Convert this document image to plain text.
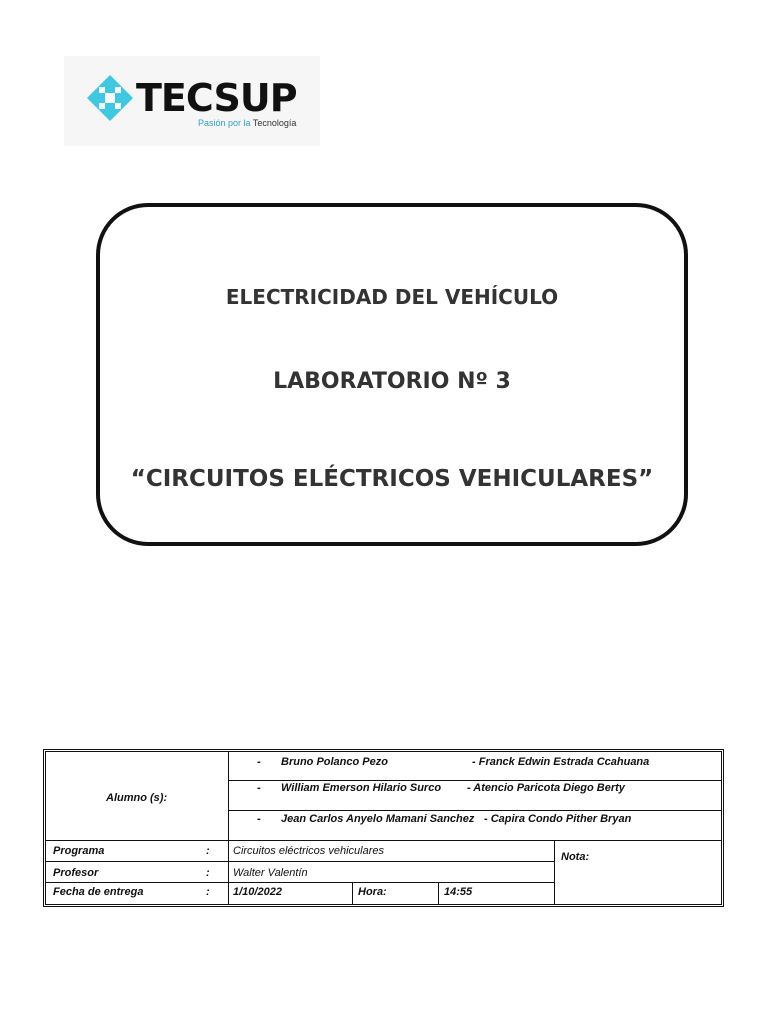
TECSUP
Pasión por la Tecnología
ELECTRICIDAD DEL VEHÍCULO
LABORATORIO Nº 3
“CIRCUITOS ELÉCTRICOS VEHICULARES”
Alumno (s):
- Bruno Polanco Pezo	- Franck Edwin Estrada Ccahuana
- William Emerson Hilario Surco - Atencio Paricota Diego Berty
- Jean Carlos Anyelo Mamani Sanchez - Capira Condo Pither Bryan
Programa	: Circuitos eléctricos vehiculares	Nota:
Profesor	: Walter Valentín
Fecha de entrega	: 1/10/2022	Hora:	14:55
